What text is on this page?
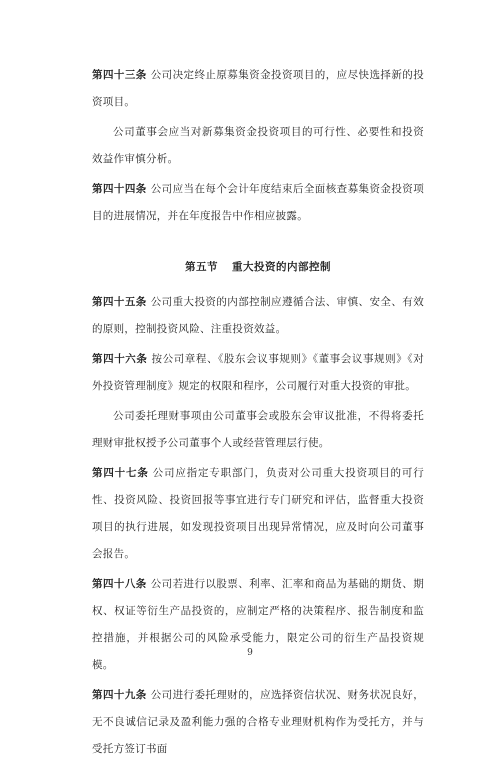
第四十三条 公司决定终止原募集资金投资项目的，应尽快选择新的投资项目。

公司董事会应当对新募集资金投资项目的可行性、必要性和投资效益作审慎分析。

第四十四条 公司应当在每个会计年度结束后全面核查募集资金投资项目的进展情况，并在年度报告中作相应披露。

第五节 重大投资的内部控制

第四十五条 公司重大投资的内部控制应遵循合法、审慎、安全、有效的原则，控制投资风险、注重投资效益。

第四十六条 按公司章程、《股东会议事规则》《董事会议事规则》《对外投资管理制度》规定的权限和程序，公司履行对重大投资的审批。

公司委托理财事项由公司董事会或股东会审议批准，不得将委托理财审批权授予公司董事个人或经营管理层行使。

第四十七条 公司应指定专职部门，负责对公司重大投资项目的可行性、投资风险、投资回报等事宜进行专门研究和评估，监督重大投资项目的执行进展，如发现投资项目出现异常情况，应及时向公司董事会报告。

第四十八条 公司若进行以股票、利率、汇率和商品为基础的期货、期权、权证等衍生产品投资的，应制定严格的决策程序、报告制度和监控措施，并根据公司的风险承受能力，限定公司的衍生产品投资规模。

第四十九条 公司进行委托理财的，应选择资信状况、财务状况良好，无不良诚信记录及盈利能力强的合格专业理财机构作为受托方，并与受托方签订书面

9
